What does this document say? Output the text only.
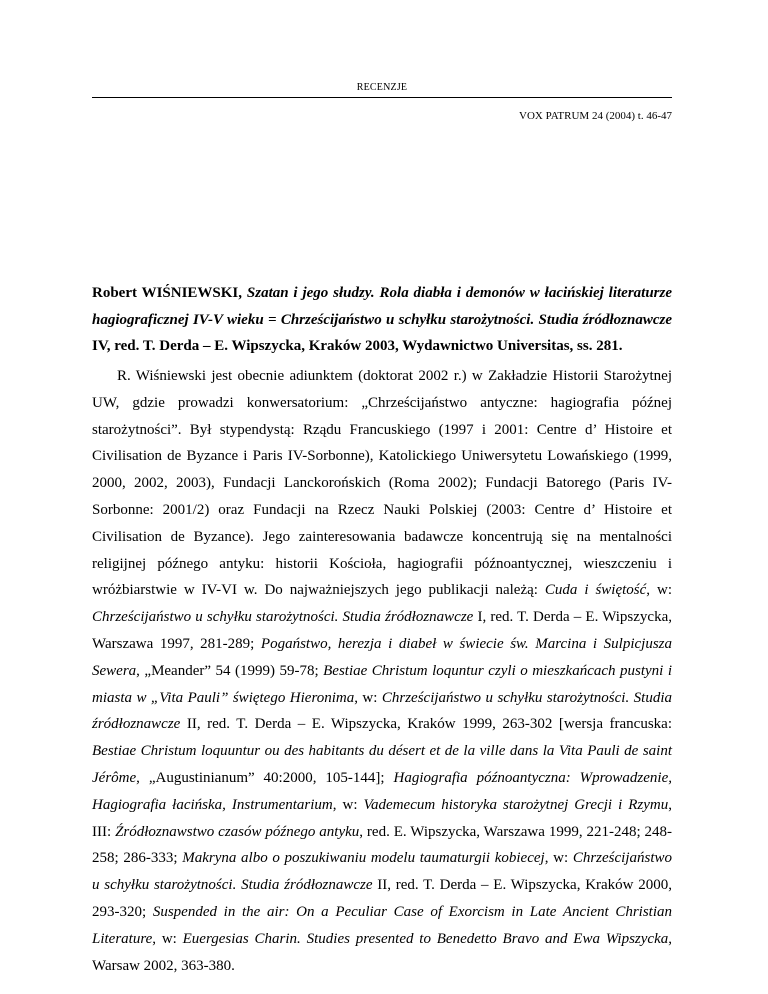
RECENZJE
VOX PATRUM 24 (2004) t. 46-47
Robert WIŚNIEWSKI, Szatan i jego słudzy. Rola diabła i demonów w łacińskiej literaturze hagiograficznej IV-V wieku = Chrześcijaństwo u schyłku starożytności. Studia źródłoznawcze IV, red. T. Derda – E. Wipszycka, Kraków 2003, Wydawnictwo Universitas, ss. 281.

R. Wiśniewski jest obecnie adiunktem (doktorat 2002 r.) w Zakładzie Historii Starożytnej UW, gdzie prowadzi konwersatorium: „Chrześcijaństwo antyczne: hagiografia późnej starożytności”. Był stypendystą: Rządu Francuskiego (1997 i 2001: Centre d’ Histoire et Civilisation de Byzance i Paris IV-Sorbonne), Katolickiego Uniwersytetu Lowańskiego (1999, 2000, 2002, 2003), Fundacji Lanckorońskich (Roma 2002); Fundacji Batorego (Paris IV-Sorbonne: 2001/2) oraz Fundacji na Rzecz Nauki Polskiej (2003: Centre d’ Histoire et Civilisation de Byzance). Jego zainteresowania badawcze koncentrują się na mentalności religijnej późnego antyku: historii Kościoła, hagiografii późnoantycznej, wieszczeniu i wróżbiarstwie w IV-VI w. Do najważniejszych jego publikacji należą: Cuda i świętość, w: Chrześcijaństwo u schyłku starożytności. Studia źródłoznawcze I, red. T. Derda – E. Wipszycka, Warszawa 1997, 281-289; Pogaństwo, herezja i diabeł w świecie św. Marcina i Sulpicjusza Sewera, „Meander” 54 (1999) 59-78; Bestiae Christum loquntur czyli o mieszkańcach pustyni i miasta w „Vita Pauli” świętego Hieronima, w: Chrześcijaństwo u schyłku starożytności. Studia źródłoznawcze II, red. T. Derda – E. Wipszycka, Kraków 1999, 263-302 [wersja francuska: Bestiae Christum loquuntur ou des habitants du désert et de la ville dans la Vita Pauli de saint Jérôme, „Augustinianum” 40:2000, 105-144]; Hagiografia późnoantyczna: Wprowadzenie, Hagiografia łacińska, Instrumentarium, w: Vademecum historyka starożytnej Grecji i Rzymu, III: Źródłoznawstwo czasów późnego antyku, red. E. Wipszycka, Warszawa 1999, 221-248; 248-258; 286-333; Makryna albo o poszukiwaniu modelu taumaturgii kobiecej, w: Chrześcijaństwo u schyłku starożytności. Studia źródłoznawcze II, red. T. Derda – E. Wipszycka, Kraków 2000, 293-320; Suspended in the air: On a Peculiar Case of Exorcism in Late Ancient Christian Literature, w: Euergesias Charin. Studies presented to Benedetto Bravo and Ewa Wipszycka, Warsaw 2002, 363-380.
